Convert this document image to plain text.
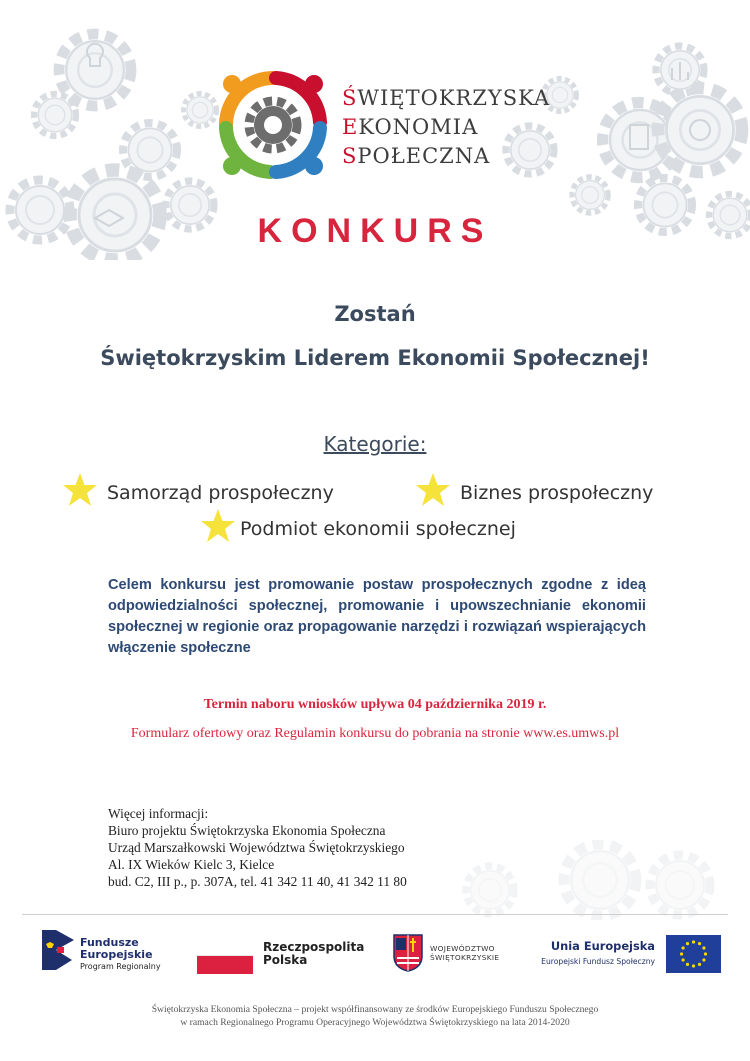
ŚWIĘTOKRZYSKA
EKONOMIA
SPOŁECZNA
KONKURS
Zostań
Świętokrzyskim Liderem Ekonomii Społecznej!
Kategorie:
Samorząd prospołeczny	Biznes prospołeczny
Podmiot ekonomii społecznej
Celem konkursu jest promowanie postaw prospołecznych zgodne z ideą odpowiedzialności społecznej, promowanie i upowszechnianie ekonomii społecznej w regionie oraz propagowanie narzędzi i rozwiązań wspierających włączenie społeczne
Termin naboru wniosków upływa 04 października 2019 r.
Formularz ofertowy oraz Regulamin konkursu do pobrania na stronie www.es.umws.pl
Więcej informacji:
Biuro projektu Świętokrzyska Ekonomia Społeczna
Urząd Marszałkowski Województwa Świętokrzyskiego
Al. IX Wieków Kielc 3, Kielce
bud. C2, III p., p. 307A, tel. 41 342 11 40, 41 342 11 80
Fundusze
Europejskie
Program Regionalny
Rzeczpospolita
Polska
WOJEWÓDZTWO
ŚWIĘTOKRZYSKIE
Unia Europejska
Europejski Fundusz Społeczny
Świętokrzyska Ekonomia Społeczna – projekt współfinansowany ze środków Europejskiego Funduszu Społecznego
w ramach Regionalnego Programu Operacyjnego Województwa Świętokrzyskiego na lata 2014-2020
